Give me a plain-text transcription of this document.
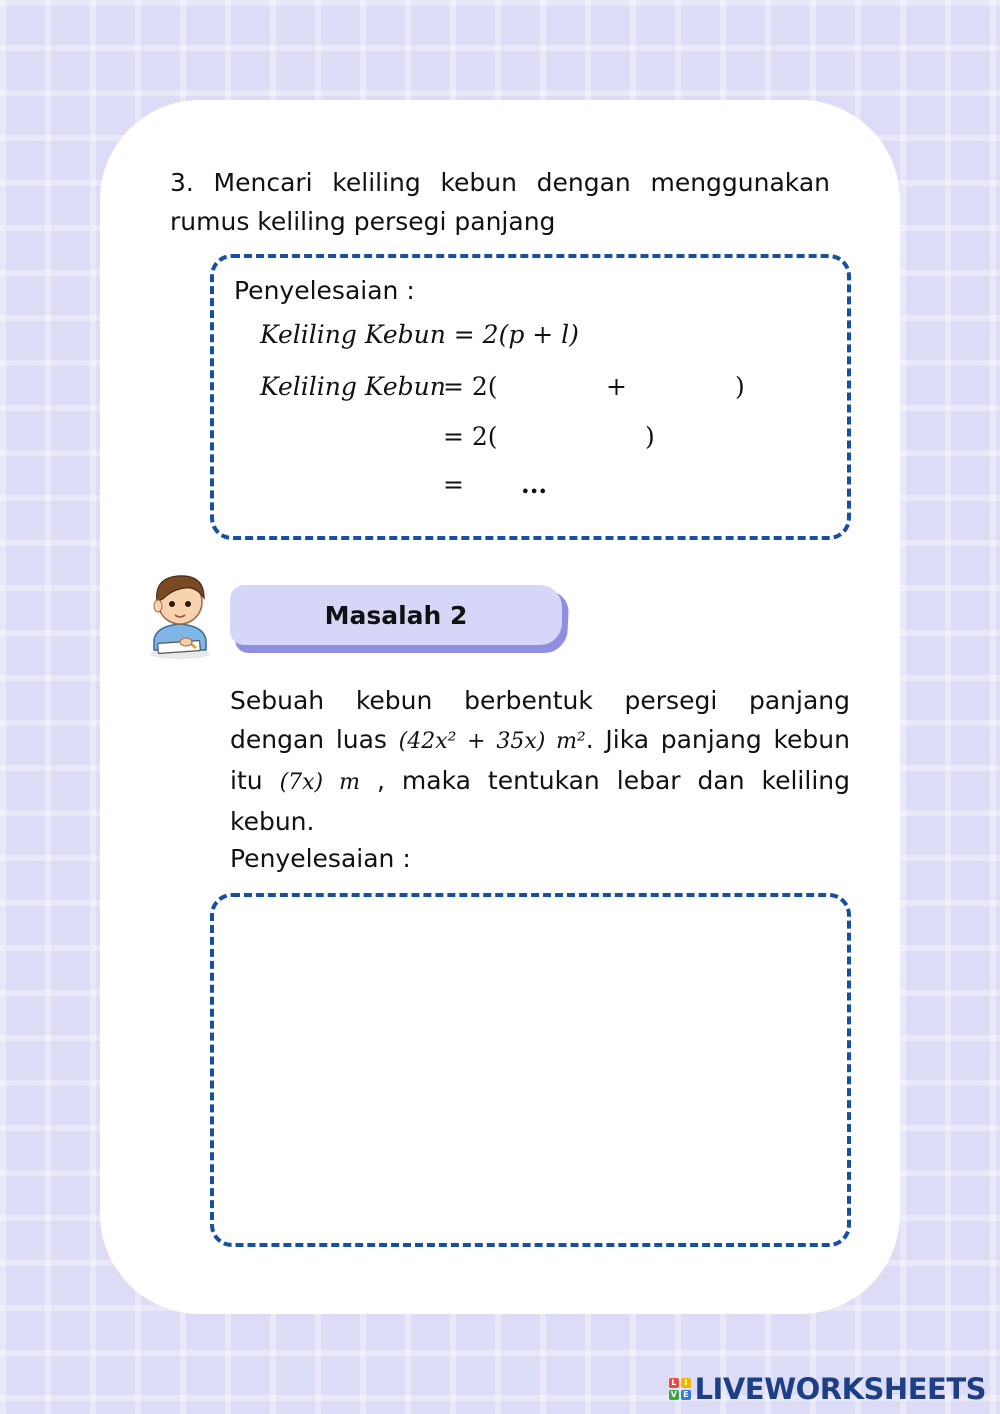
3. Mencari keliling kebun dengan menggunakan rumus keliling persegi panjang
Penyelesaian :
Keliling Kebun = 2(p + l)
Keliling Kebun
= 2(	+	)
= 2(	)
= ...
Masalah 2
Sebuah kebun berbentuk persegi panjang dengan luas (42x² + 35x) m². Jika panjang kebun itu (7x) m , maka tentukan lebar dan keliling kebun.
Penyelesaian :
L	I
V E LIVEWORKSHEETS
